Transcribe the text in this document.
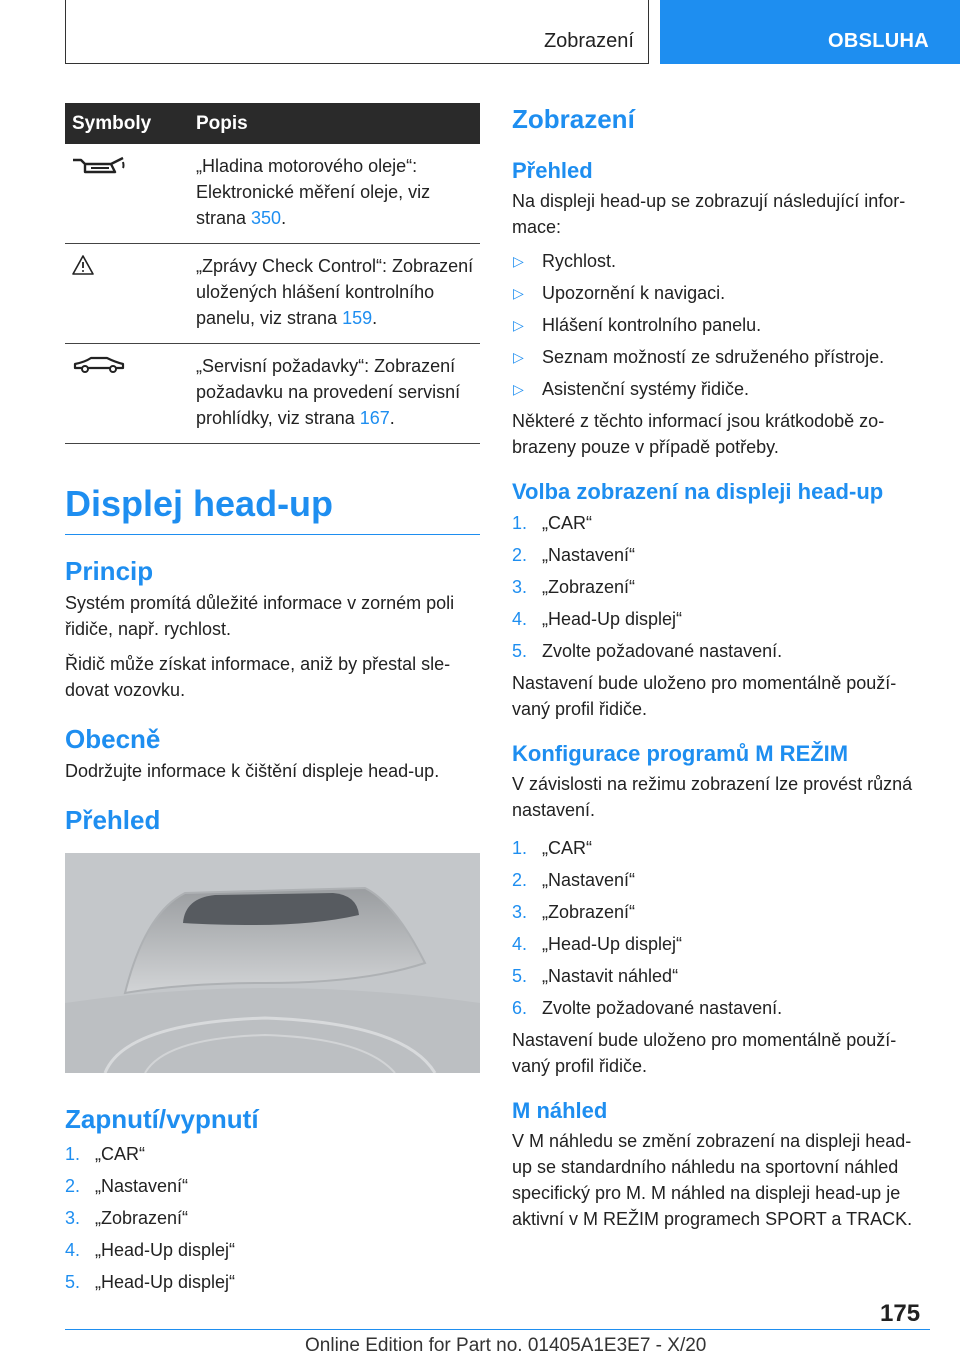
Zobrazení	OBSLUHA
Symboly	Popis
	„Hladina motorového oleje“: Elektronické měření oleje, viz strana 350.
	„Zprávy Check Control“: Zobrazení uložených hlášení kontrolního panelu, viz strana 159.
	„Servisní požadavky“: Zobrazení požadavku na provedení servisní prohlídky, viz strana 167.
Displej head-up
Princip

Systém promítá důležité informace v zorném poli řidiče, např. rychlost.

Řidič může získat informace, aniž by přestal sledovat vozovku.

Obecně

Dodržujte informace k čištění displeje head-up.

Přehled
Zapnutí/vypnutí
1. „CAR“
2. „Nastavení“
3. „Zobrazení“
4. „Head-Up displej“
5. „Head-Up displej“
Zobrazení
Přehled

Na displeji head-up se zobrazují následující informace:

▷ Rychlost.
▷ Upozornění k navigaci.
▷ Hlášení kontrolního panelu.
▷ Seznam možností ze sdruženého přístroje.
▷ Asistenční systémy řidiče.

Některé z těchto informací jsou krátkodobě zobrazeny pouze v případě potřeby.

Volba zobrazení na displeji head-up
1. „CAR“
2. „Nastavení“
3. „Zobrazení“
4. „Head-Up displej“
5. Zvolte požadované nastavení.

Nastavení bude uloženo pro momentálně používaný profil řidiče.

Konfigurace programů M REŽIM

V závislosti na režimu zobrazení lze provést různá nastavení.

1. „CAR“
2. „Nastavení“
3. „Zobrazení“
4. „Head-Up displej“
5. „Nastavit náhled“
6. Zvolte požadované nastavení.

Nastavení bude uloženo pro momentálně používaný profil řidiče.

M náhled

V M náhledu se změní zobrazení na displeji head-up se standardního náhledu na sportovní náhled specifický pro M. M náhled na displeji head-up je aktivní v M REŽIM programech SPORT a TRACK.

175
Online Edition for Part no. 01405A1E3E7 - X/20
